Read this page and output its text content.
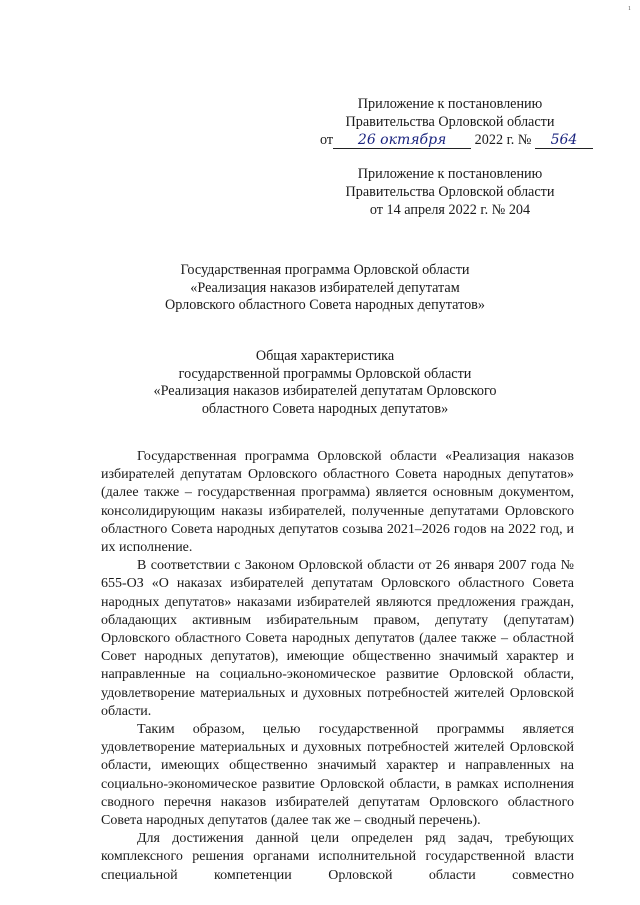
1
Приложение к постановлению
Правительства Орловской области
от 26 октября 2022 г. № 564
Приложение к постановлению
Правительства Орловской области
от 14 апреля 2022 г. № 204
Государственная программа Орловской области
«Реализация наказов избирателей депутатам
Орловского областного Совета народных депутатов»
Общая характеристика
государственной программы Орловской области
«Реализация наказов избирателей депутатам Орловского
областного Совета народных депутатов»

Государственная программа Орловской области «Реализация наказов избирателей депутатам Орловского областного Совета народных депутатов» (далее также – государственная программа) является основным документом, консолидирующим наказы избирателей, полученные депутатами Орловского областного Совета народных депутатов созыва 2021–2026 годов на 2022 год, и их исполнение.

В соответствии с Законом Орловской области от 26 января 2007 года № 655-ОЗ «О наказах избирателей депутатам Орловского областного Совета народных депутатов» наказами избирателей являются предложения граждан, обладающих активным избирательным правом, депутату (депутатам) Орловского областного Совета народных депутатов (далее также – областной Совет народных депутатов), имеющие общественно значимый характер и направленные на социально-экономическое развитие Орловской области, удовлетворение материальных и духовных потребностей жителей Орловской области.

Таким образом, целью государственной программы является удовлетворение материальных и духовных потребностей жителей Орловской области, имеющих общественно значимый характер и направленных на социально-экономическое развитие Орловской области, в рамках исполнения сводного перечня наказов избирателей депутатам Орловского областного Совета народных депутатов (далее так же – сводный перечень).

Для достижения данной цели определен ряд задач, требующих комплексного решения органами исполнительной государственной власти специальной компетенции Орловской области совместно
